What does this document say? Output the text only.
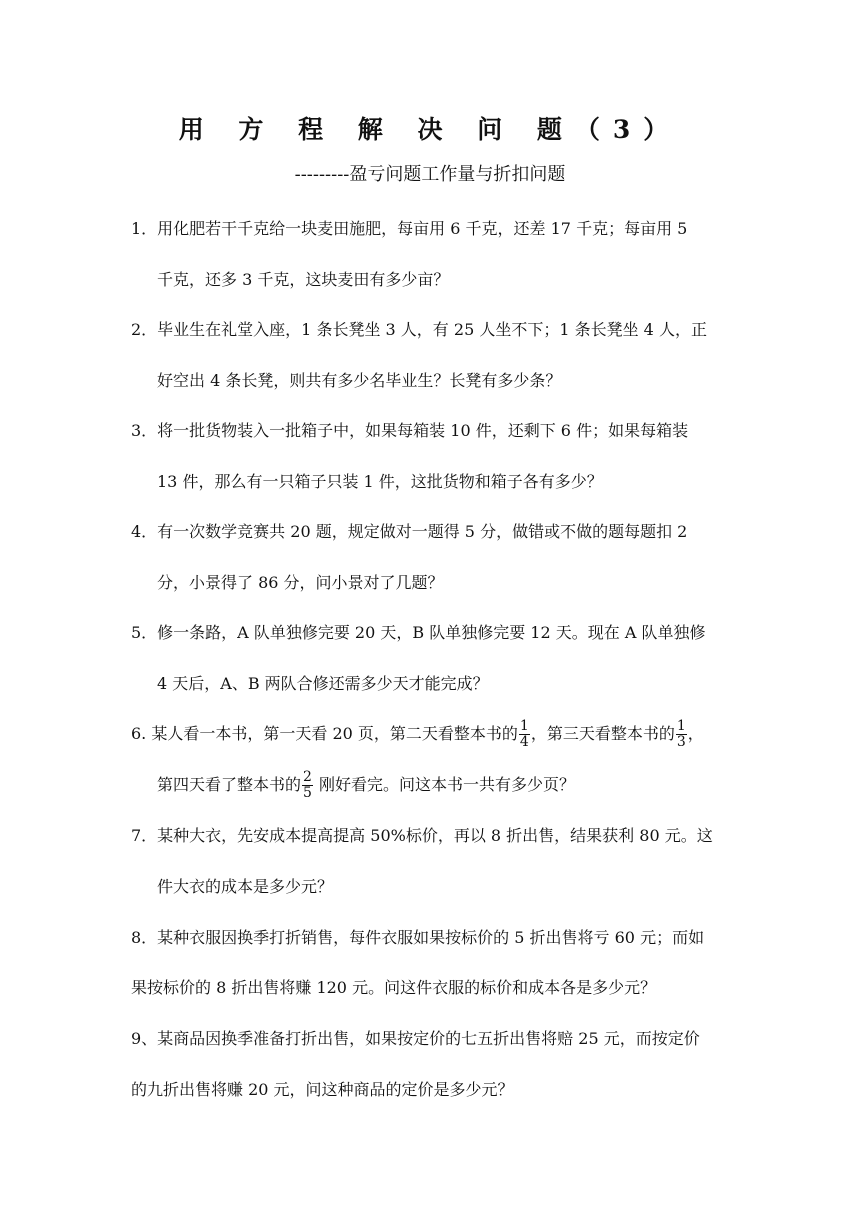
用 方 程 解 决 问 题（3）
---------盈亏问题工作量与折扣问题
1．用化肥若干千克给一块麦田施肥，每亩用 6 千克，还差 17 千克；每亩用 5
千克，还多 3 千克，这块麦田有多少亩？
2．毕业生在礼堂入座，1 条长凳坐 3 人，有 25 人坐不下；1 条长凳坐 4 人，正
好空出 4 条长凳，则共有多少名毕业生？长凳有多少条？
3．将一批货物装入一批箱子中，如果每箱装 10 件，还剩下 6 件；如果每箱装
13 件，那么有一只箱子只装 1 件，这批货物和箱子各有多少？
4．有一次数学竞赛共 20 题，规定做对一题得 5 分，做错或不做的题每题扣 2
分，小景得了 86 分，问小景对了几题？
5．修一条路，A 队单独修完要 20 天，B 队单独修完要 12 天。现在 A 队单独修
4 天后，A、B 两队合修还需多少天才能完成？
6. 某人看一本书，第一天看 20 页，第二天看整本书的 $\frac{1}{4}$ ，第三天看整本书的 $\frac{1}{3}$ ，
第四天看了整本书的 $\frac{2}{5}$ 刚好看完。问这本书一共有多少页？
7．某种大衣，先安成本提高提高 50%标价，再以 8 折出售，结果获利 80 元。这
件大衣的成本是多少元？
8．某种衣服因换季打折销售，每件衣服如果按标价的 5 折出售将亏 60 元；而如
果按标价的 8 折出售将赚 120 元。问这件衣服的标价和成本各是多少元？
9、某商品因换季准备打折出售，如果按定价的七五折出售将赔 25 元，而按定价
的九折出售将赚 20 元，问这种商品的定价是多少元？
